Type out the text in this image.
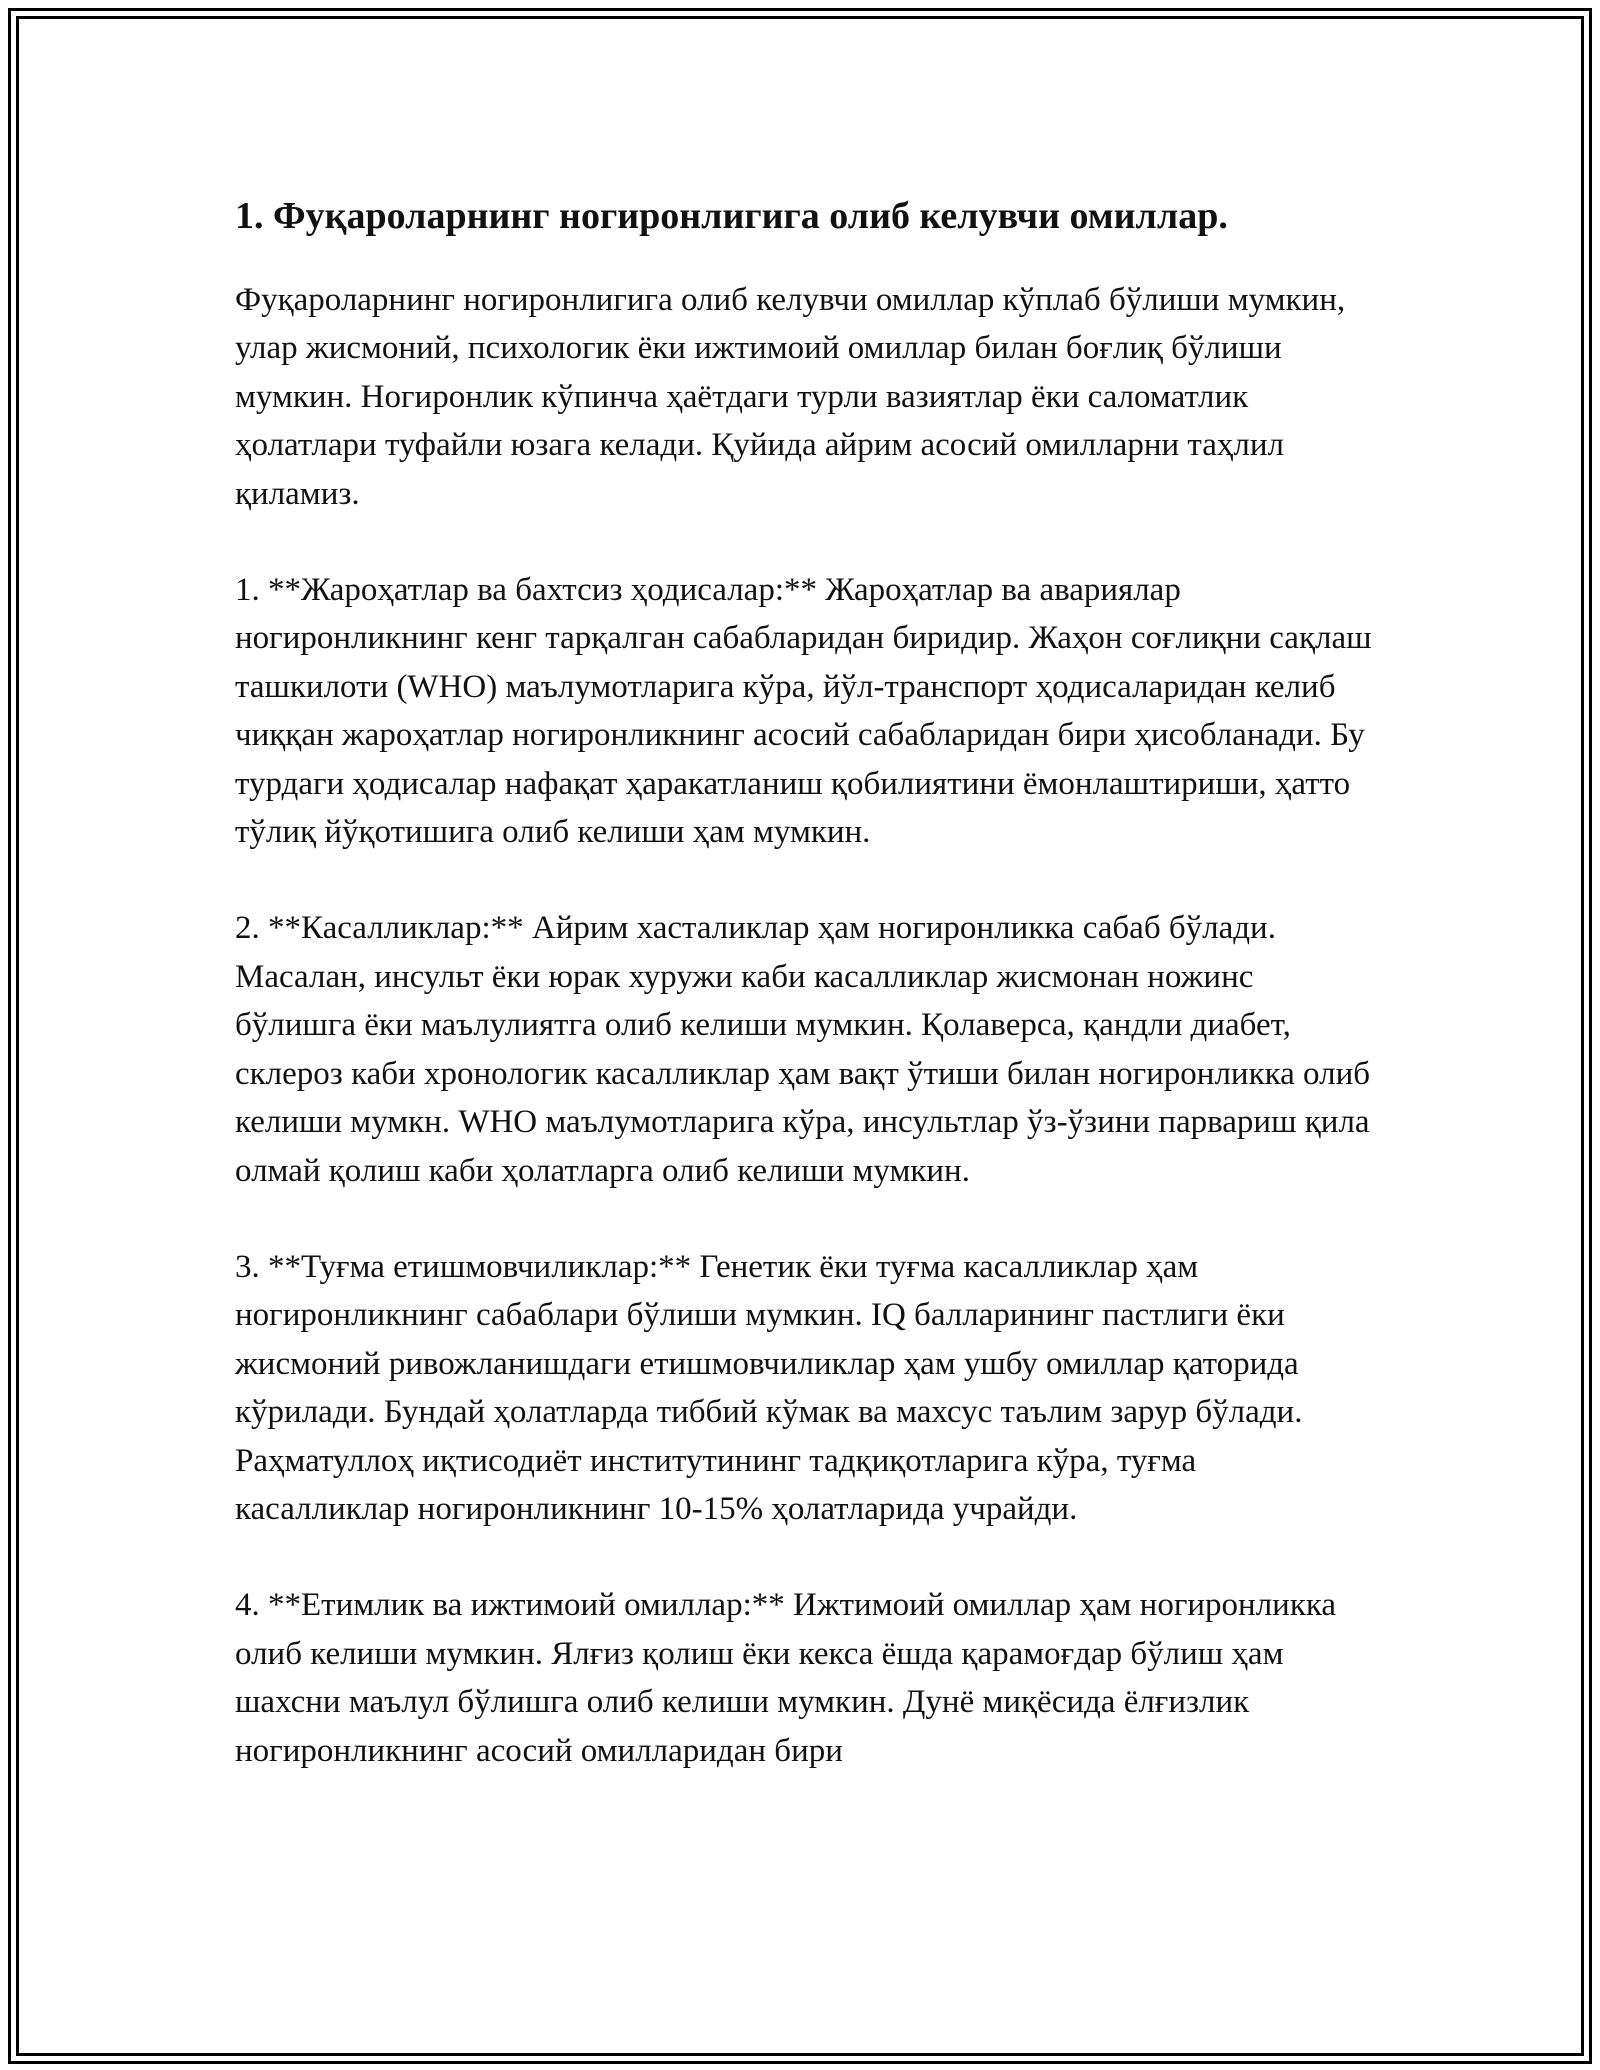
1. Фуқароларнинг ногиронлигига олиб келувчи омиллар.

Фуқароларнинг ногиронлигига олиб келувчи омиллар кўплаб бўлиши мумкин, улар жисмоний, психологик ёки ижтимоий омиллар билан боғлиқ бўлиши мумкин. Ногиронлик кўпинча ҳаётдаги турли вазиятлар ёки саломатлик ҳолатлари туфайли юзага келади. Қуйида айрим асосий омилларни таҳлил қиламиз.

1. **Жароҳатлар ва бахтсиз ҳодисалар:** Жароҳатлар ва авариялар ногиронликнинг кенг тарқалган сабабларидан биридир. Жаҳон соғлиқни сақлаш ташкилоти (WHO) маълумотларига кўра, йўл-транспорт ҳодисаларидан келиб чиққан жароҳатлар ногиронликнинг асосий сабабларидан бири ҳисобланади. Бу турдаги ҳодисалар нафақат ҳаракатланиш қобилиятини ёмонлаштириши, ҳатто тўлиқ йўқотишига олиб келиши ҳам мумкин.

2. **Касалликлар:** Айрим хасталиклар ҳам ногиронликка сабаб бўлади. Масалан, инсульт ёки юрак хуружи каби касалликлар жисмонан ножинс бўлишга ёки маълулиятга олиб келиши мумкин. Қолаверса, қандли диабет, склероз каби хронологик касалликлар ҳам вақт ўтиши билан ногиронликка олиб келиши мумкн. WHO маълумотларига кўра, инсультлар ўз-ўзини парвариш қила олмай қолиш каби ҳолатларга олиб келиши мумкин.

3. **Туғма етишмовчиликлар:** Генетик ёки туғма касалликлар ҳам ногиронликнинг сабаблари бўлиши мумкин. IQ балларининг пастлиги ёки жисмоний ривожланишдаги етишмовчиликлар ҳам ушбу омиллар қаторида кўрилади. Бундай ҳолатларда тиббий кўмак ва махсус таълим зарур бўлади. Раҳматуллоҳ иқтисодиёт институтининг тадқиқотларига кўра, туғма касалликлар ногиронликнинг 10-15% ҳолатларида учрайди.

4. **Етимлик ва ижтимоий омиллар:** Ижтимоий омиллар ҳам ногиронликка олиб келиши мумкин. Ялғиз қолиш ёки кекса ёшда қарамоғдар бўлиш ҳам шахсни маълул бўлишга олиб келиши мумкин. Дунё миқёсида ёлғизлик ногиронликнинг асосий омилларидан бири
